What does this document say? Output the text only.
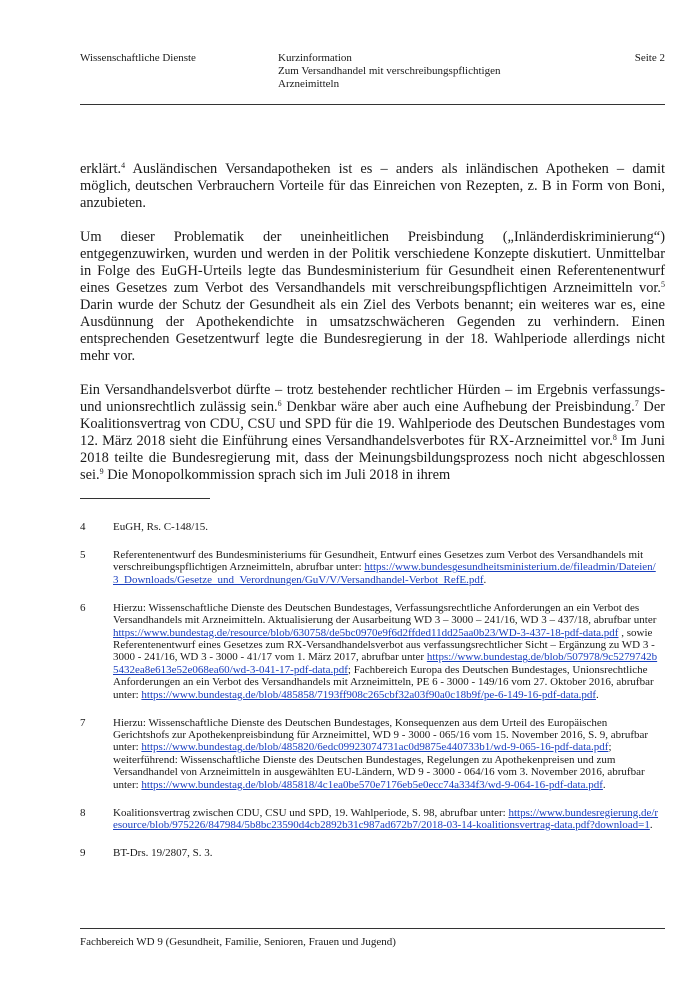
Wissenschaftliche Dienste	Kurzinformation
Zum Versandhandel mit verschreibungspflichtigen
Arzneimitteln
Seite 2

erklärt.$^4$ Ausländischen Versandapotheken ist es – anders als inländischen Apotheken – damit möglich, deutschen Verbrauchern Vorteile für das Einreichen von Rezepten, z. B in Form von Boni, anzubieten.

Um dieser Problematik der uneinheitlichen Preisbindung („Inländerdiskriminierung“) entgegenzuwirken, wurden und werden in der Politik verschiedene Konzepte diskutiert. Unmittelbar in Folge des EuGH-Urteils legte das Bundesministerium für Gesundheit einen Referentenentwurf eines Gesetzes zum Verbot des Versandhandels mit verschreibungspflichtigen Arzneimitteln vor.$^5$ Darin wurde der Schutz der Gesundheit als ein Ziel des Verbots benannt; ein weiteres war es, eine Ausdünnung der Apothekendichte in umsatzschwächeren Gegenden zu verhindern. Einen entsprechenden Gesetzentwurf legte die Bundesregierung in der 18. Wahlperiode allerdings nicht mehr vor.

Ein Versandhandelsverbot dürfte – trotz bestehender rechtlicher Hürden – im Ergebnis verfassungs- und unionsrechtlich zulässig sein.$^6$ Denkbar wäre aber auch eine Aufhebung der Preisbindung.$^7$ Der Koalitionsvertrag von CDU, CSU und SPD für die 19. Wahlperiode des Deutschen Bundestages vom 12. März 2018 sieht die Einführung eines Versandhandelsverbotes für RX-Arzneimittel vor.$^8$ Im Juni 2018 teilte die Bundesregierung mit, dass der Meinungsbildungsprozess noch nicht abgeschlossen sei.$^9$ Die Monopolkommission sprach sich im Juli 2018 in ihrem

4	EuGH, Rs. C-148/15.
5	Referentenentwurf des Bundesministeriums für Gesundheit, Entwurf eines Gesetzes zum Verbot des Versandhandels mit verschreibungspflichtigen Arzneimitteln, abrufbar unter: https://www.bundesgesundheitsministerium.de/fileadmin/Dateien/3_Downloads/Gesetze_und_Verordnungen/GuV/V/Versandhandel-Verbot_RefE.pdf.
6	Hierzu: Wissenschaftliche Dienste des Deutschen Bundestages, Verfassungsrechtliche Anforderungen an ein Verbot des Versandhandels mit Arzneimitteln. Aktualisierung der Ausarbeitung WD 3 – 3000 – 241/16, WD 3 – 437/18, abrufbar unter https://www.bundestag.de/resource/blob/630758/de5bc0970e9f6d2ffded11dd25aa0b23/WD-3-437-18-pdf-data.pdf , sowie Referentenentwurf eines Gesetzes zum RX-Versandhandelsverbot aus verfassungsrechtlicher Sicht – Ergänzung zu WD 3 - 3000 - 241/16, WD 3 - 3000 - 41/17 vom 1. März 2017, abrufbar unter https://www.bundestag.de/blob/507978/9c5279742b5432ea8e613e52e068ea60/wd-3-041-17-pdf-data.pdf; Fachbereich Europa des Deutschen Bundestages, Unionsrechtliche Anforderungen an ein Verbot des Versandhandels mit Arzneimitteln, PE 6 - 3000 - 149/16 vom 27. Oktober 2016, abrufbar unter: https://www.bundestag.de/blob/485858/7193ff908c265cbf32a03f90a0c18b9f/pe-6-149-16-pdf-data.pdf.
7	Hierzu: Wissenschaftliche Dienste des Deutschen Bundestages, Konsequenzen aus dem Urteil des Europäischen Gerichtshofs zur Apothekenpreisbindung für Arzneimittel, WD 9 - 3000 - 065/16 vom 15. November 2016, S. 9, abrufbar unter: https://www.bundestag.de/blob/485820/6edc09923074731ac0d9875e440733b1/wd-9-065-16-pdf-data.pdf; weiterführend: Wissenschaftliche Dienste des Deutschen Bundestages, Regelungen zu Apothekenpreisen und zum Versandhandel von Arzneimitteln in ausgewählten EU-Ländern, WD 9 - 3000 - 064/16 vom 3. November 2016, abrufbar unter: https://www.bundestag.de/blob/485818/4c1ea0be570e7176eb5e0ecc74a334f3/wd-9-064-16-pdf-data.pdf.
8	Koalitionsvertrag zwischen CDU, CSU und SPD, 19. Wahlperiode, S. 98, abrufbar unter: https://www.bundesregierung.de/resource/blob/975226/847984/5b8bc23590d4cb2892b31c987ad672b7/2018-03-14-koalitionsvertrag-data.pdf?download=1.
9	BT-Drs. 19/2807, S. 3.
Fachbereich WD 9 (Gesundheit, Familie, Senioren, Frauen und Jugend)
